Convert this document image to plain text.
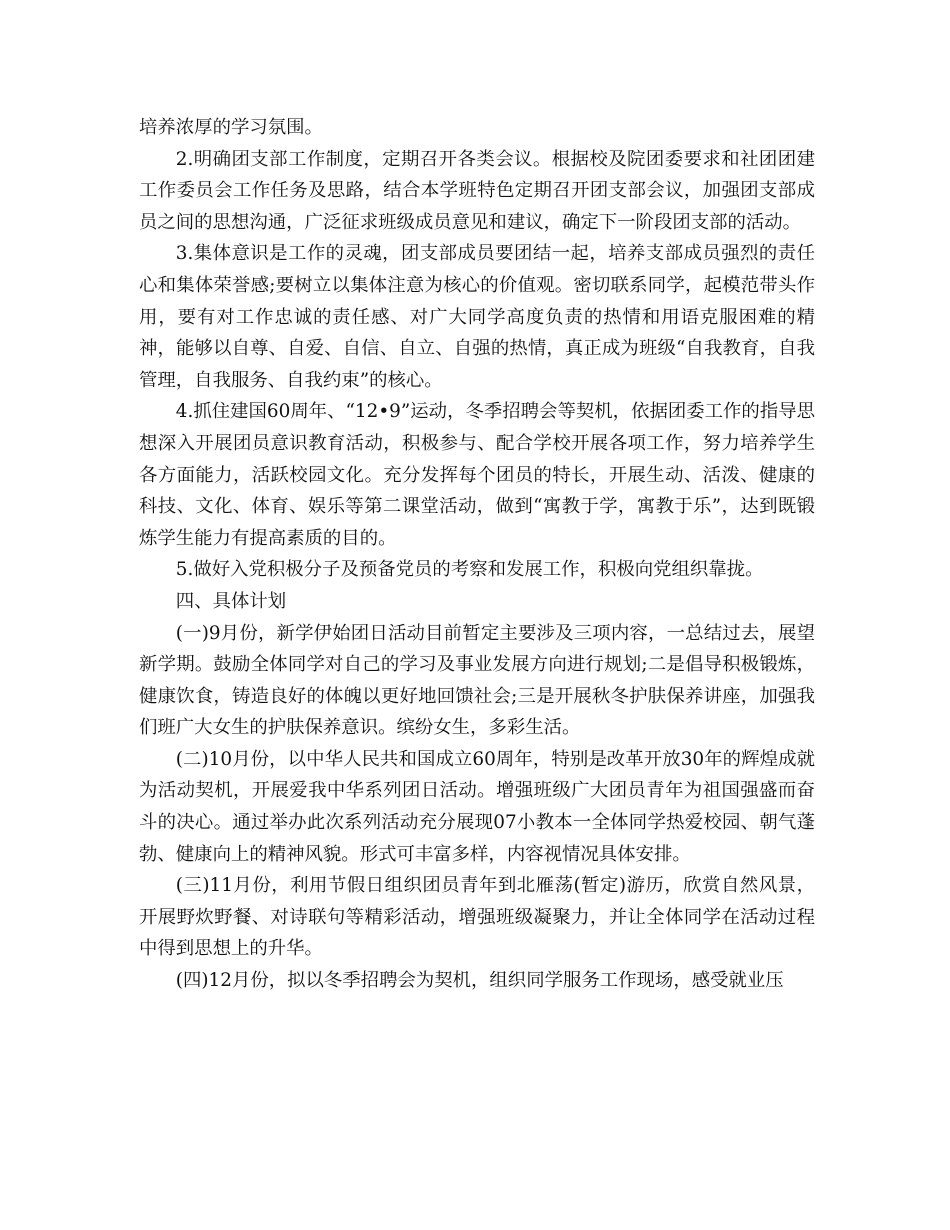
培养浓厚的学习氛围。

2.明确团支部工作制度，定期召开各类会议。根据校及院团委要求和社团团建工作委员会工作任务及思路，结合本学班特色定期召开团支部会议，加强团支部成员之间的思想沟通，广泛征求班级成员意见和建议，确定下一阶段团支部的活动。

3.集体意识是工作的灵魂，团支部成员要团结一起，培养支部成员强烈的责任心和集体荣誉感;要树立以集体注意为核心的价值观。密切联系同学，起模范带头作用，要有对工作忠诚的责任感、对广大同学高度负责的热情和用语克服困难的精神，能够以自尊、自爱、自信、自立、自强的热情，真正成为班级“自我教育，自我管理，自我服务、自我约束”的核心。

4.抓住建国60周年、“12•9”运动，冬季招聘会等契机，依据团委工作的指导思想深入开展团员意识教育活动，积极参与、配合学校开展各项工作，努力培养学生各方面能力，活跃校园文化。充分发挥每个团员的特长，开展生动、活泼、健康的科技、文化、体育、娱乐等第二课堂活动，做到“寓教于学，寓教于乐”，达到既锻炼学生能力有提高素质的目的。

5.做好入党积极分子及预备党员的考察和发展工作，积极向党组织靠拢。

四、具体计划

(一)9月份，新学伊始团日活动目前暂定主要涉及三项内容，一总结过去，展望新学期。鼓励全体同学对自己的学习及事业发展方向进行规划;二是倡导积极锻炼，健康饮食，铸造良好的体魄以更好地回馈社会;三是开展秋冬护肤保养讲座，加强我们班广大女生的护肤保养意识。缤纷女生，多彩生活。

(二)10月份，以中华人民共和国成立60周年，特别是改革开放30年的辉煌成就为活动契机，开展爱我中华系列团日活动。增强班级广大团员青年为祖国强盛而奋斗的决心。通过举办此次系列活动充分展现07小教本一全体同学热爱校园、朝气蓬勃、健康向上的精神风貌。形式可丰富多样，内容视情况具体安排。

(三)11月份，利用节假日组织团员青年到北雁荡(暂定)游历，欣赏自然风景，开展野炊野餐、对诗联句等精彩活动，增强班级凝聚力，并让全体同学在活动过程中得到思想上的升华。

(四)12月份，拟以冬季招聘会为契机，组织同学服务工作现场，感受就业压
